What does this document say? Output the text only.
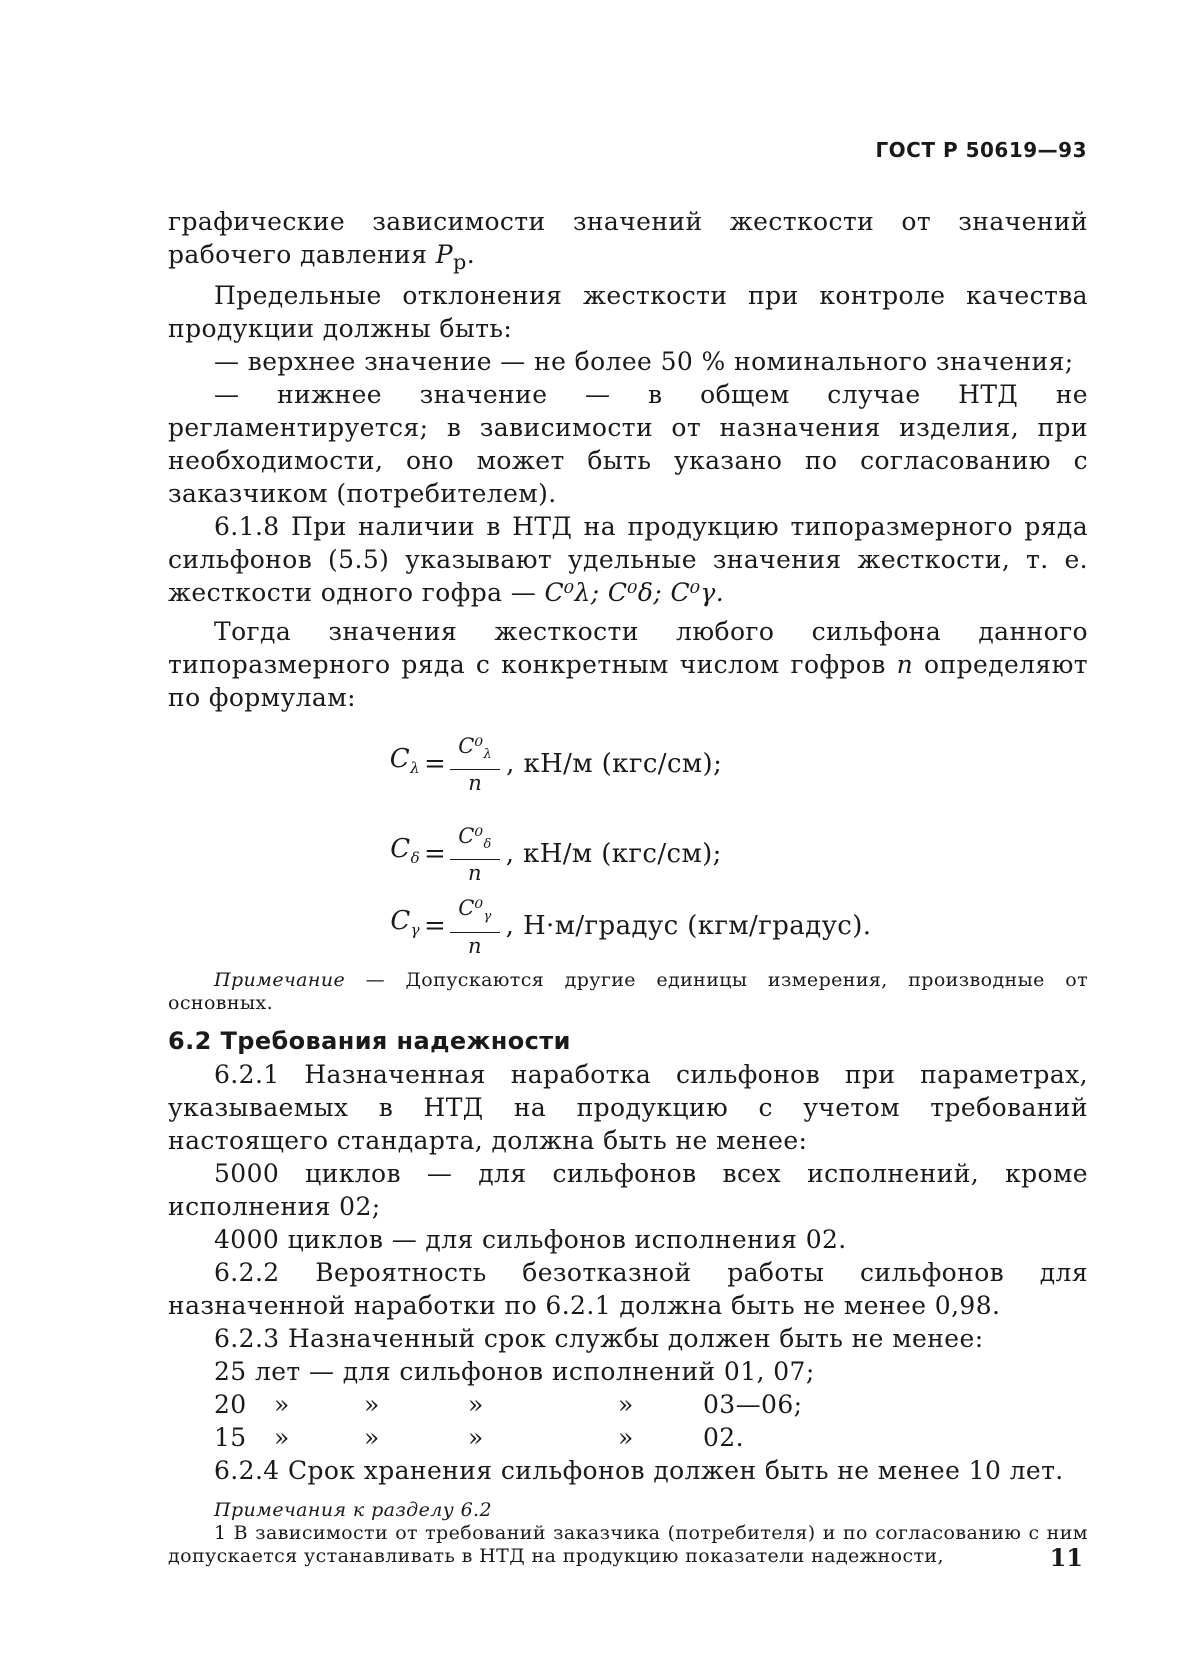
ГОСТ Р 50619—93

графические зависимости значений жесткости от значений рабочего давления $P_р$.

Предельные отклонения жесткости при контроле качества продукции должны быть:

— верхнее значение — не более 50 % номинального значения;

— нижнее значение — в общем случае НТД не регламентируется; в зависимости от назначения изделия, при необходимости, оно может быть указано по согласованию с заказчиком (потребителем).

6.1.8 При наличии в НТД на продукцию типоразмерного ряда сильфонов (5.5) указывают удельные значения жесткости, т. е. жесткости одного гофра — C⁰λ; C⁰δ; C⁰γ.

Тогда значения жесткости любого сильфона данного типоразмерного ряда с конкретным числом гофров n определяют по формулам:

$C_\lambda = \frac{C^0_\lambda}{n}$ , кН/м (кгс/см);
$C_\delta = \frac{C^0_\delta}{n}$ , кН/м (кгс/см);
$C_\gamma = \frac{C^0_\gamma}{n}$ , Н·м/градус (кгм/градус).

Примечание — Допускаются другие единицы измерения, производные от основных.

6.2 Требования надежности

6.2.1 Назначенная наработка сильфонов при параметрах, указываемых в НТД на продукцию с учетом требований настоящего стандарта, должна быть не менее:

5000 циклов — для сильфонов всех исполнений, кроме исполнения 02;

4000 циклов — для сильфонов исполнения 02.

6.2.2 Вероятность безотказной работы сильфонов для назначенной наработки по 6.2.1 должна быть не менее 0,98.

6.2.3 Назначенный срок службы должен быть не менее:

25 лет — для сильфонов исполнений 01, 07;

20	»	»	»	»	03—06;
15	»	»	»	»	02.

6.2.4 Срок хранения сильфонов должен быть не менее 10 лет.

Примечания к разделу 6.2

1 В зависимости от требований заказчика (потребителя) и по согласованию с ним допускается устанавливать в НТД на продукцию показатели надежности,	11
